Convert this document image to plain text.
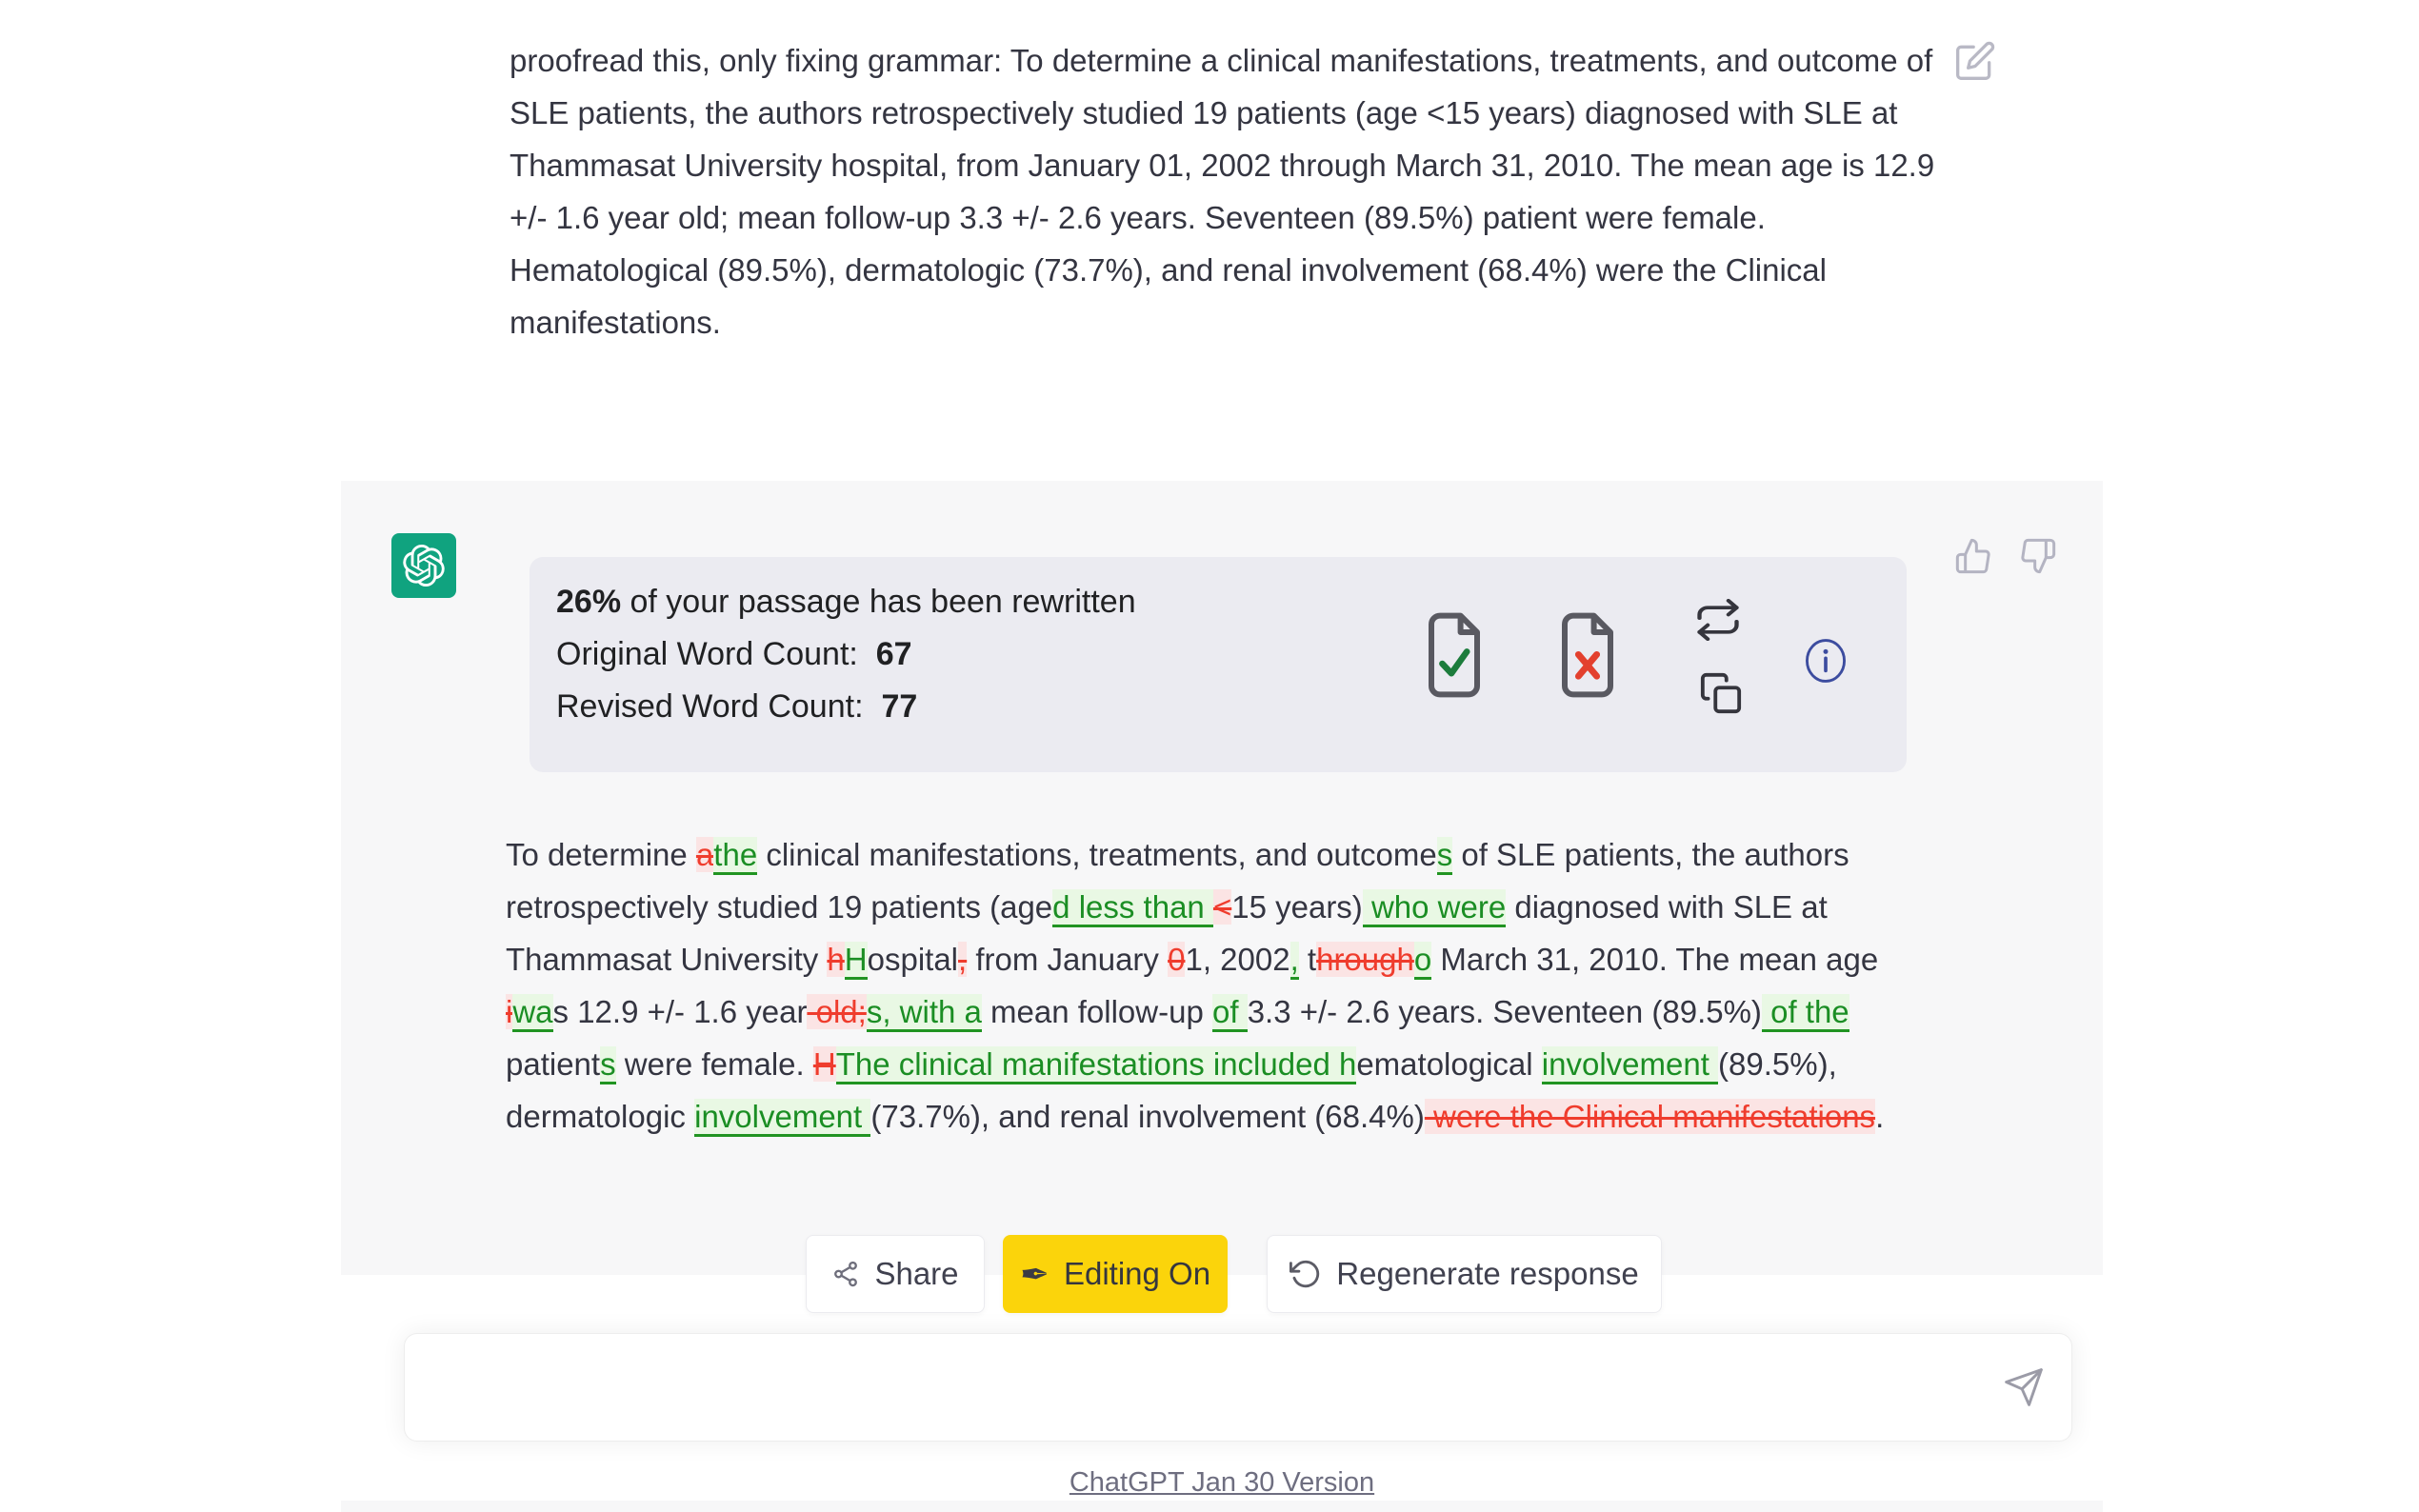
proofread this, only fixing grammar: To determine a clinical manifestations, treatments, and outcome of SLE patients, the authors retrospectively studied 19 patients (age <15 years) diagnosed with SLE at Thammasat University hospital, from January 01, 2002 through March 31, 2010. The mean age is 12.9 +/- 1.6 year old; mean follow-up 3.3 +/- 2.6 years. Seventeen (89.5%) patient were female. Hematological (89.5%), dermatologic (73.7%), and renal involvement (68.4%) were the Clinical manifestations.
26% of your passage has been rewritten
Original Word Count: 67
Revised Word Count: 77
To determine athe clinical manifestations, treatments, and outcomes of SLE patients, the authors retrospectively studied 19 patients (aged less than <15 years) who were diagnosed with SLE at Thammasat University hHospital, from January 01, 2002, througho March 31, 2010. The mean age iwas 12.9 +/- 1.6 year old;s, with a mean follow-up of 3.3 +/- 2.6 years. Seventeen (89.5%) of the patients were female. HThe clinical manifestations included hematological involvement (89.5%), dermatologic involvement (73.7%), and renal involvement (68.4%) were the Clinical manifestations.
Share ✒ Editing On	Regenerate response
ChatGPT Jan 30 Version
